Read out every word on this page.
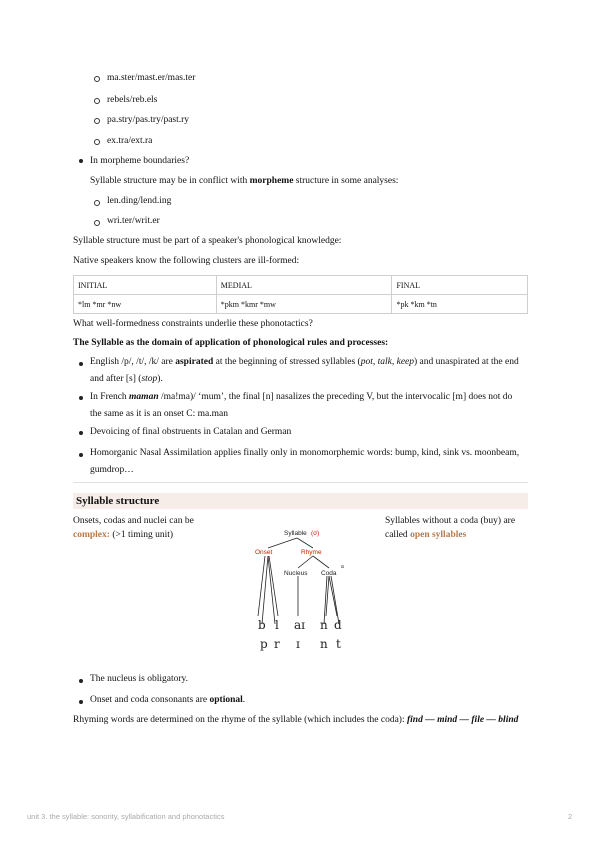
ma.ster/mast.er/mas.ter
rebels/reb.els
pa.stry/pas.try/past.ry
ex.tra/ext.ra
In morpheme boundaries?
Syllable structure may be in conflict with morpheme structure in some analyses:
len.ding/lend.ing
wri.ter/writ.er
Syllable structure must be part of a speaker's phonological knowledge:
Native speakers know the following clusters are ill-formed:
INITIAL	MEDIAL	FINAL
*lm *mr *nw	*pkm *kmr *mw	*pk *km *tn
What well-formedness constraints underlie these phonotactics?
The Syllable as the domain of application of phonological rules and processes:
English /p/, /t/, /k/ are aspirated at the beginning of stressed syllables (pot, talk, keep) and unaspirated at the end
and after [s] (stop).
In French maman /ma!ma)/ ‘mum’, the final [n] nasalizes the preceding V, but the intervocalic [m] does not do
the same as it is an onset C: ma.man
Devoicing of final obstruents in Catalan and German
Homorganic Nasal Assimilation applies finally only in monomorphemic words: bump, kind, sink vs. moonbeam,
gumdrop…
Syllable structure
Onsets, codas and nuclei can be
complex: (>1 timing unit)
Syllables without a coda (buy) are
called open syllables
Syllable (σ)
Onset	Rhyme
Nucleus Coda
a
b l aɪ n d
p r ɪ n t
The nucleus is obligatory.
Onset and coda consonants are optional.
Rhyming words are determined on the rhyme of the syllable (which includes the coda): find — mind — file — blind
unit 3. the syllable: sonority, syllabification and phonotactics	2
